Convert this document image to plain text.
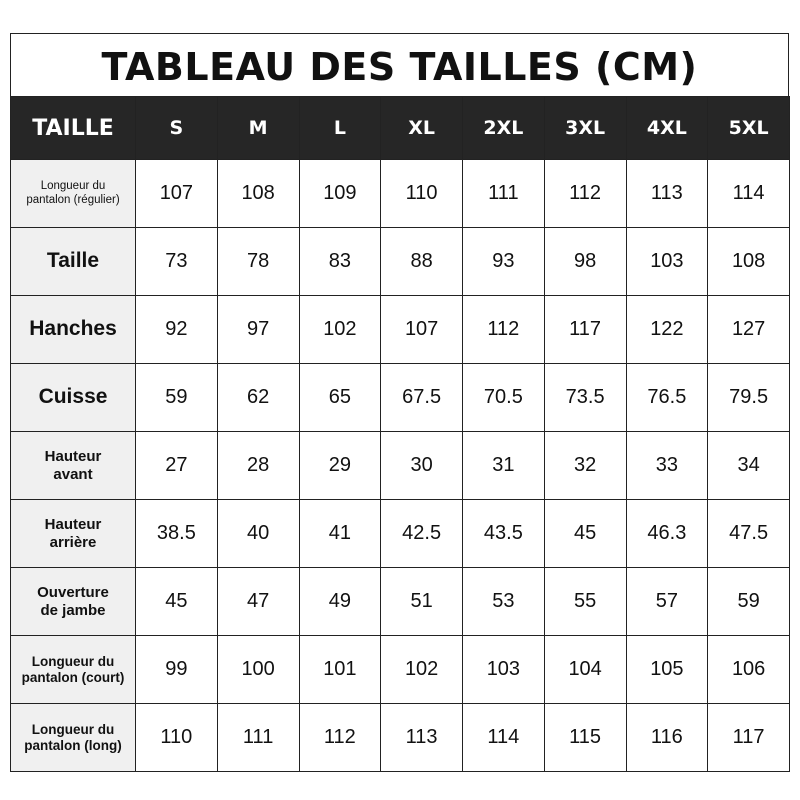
TABLEAU DES TAILLES (CM)
TAILLE	S	M	L	XL	2XL	3XL	4XL	5XL
Longueur du
pantalon (régulier)	107	108	109	110	111	112	113	114
Taille	73	78	83	88	93	98	103	108
Hanches	92	97	102	107	112	117	122	127
Cuisse	59	62	65	67.5	70.5	73.5	76.5	79.5
Hauteur
avant	27	28	29	30	31	32	33	34
Hauteur
arrière	38.5	40	41	42.5	43.5	45	46.3	47.5
Ouverture
de jambe	45	47	49	51	53	55	57	59
Longueur du
pantalon (court)	99	100	101	102	103	104	105	106
Longueur du
pantalon (long)	110	111	112	113	114	115	116	117
